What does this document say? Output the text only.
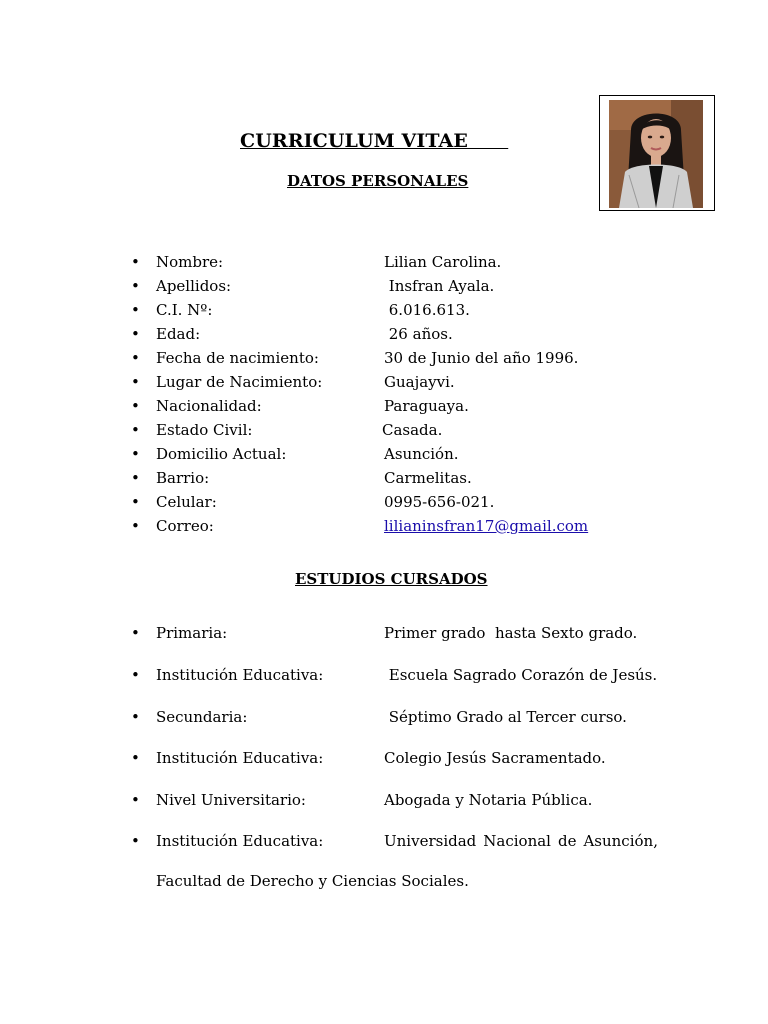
CURRICULUM VITAE
DATOS PERSONALES
• Nombre:	Lilian Carolina.
• Apellidos:	Insfran Ayala.
• C.I. Nº:	6.016.613.
• Edad:	26 años.
• Fecha de nacimiento:	30 de Junio del año 1996.
• Lugar de Nacimiento:	Guajayvi.
• Nacionalidad:	Paraguaya.
• Estado Civil:	Casada.
• Domicilio Actual:	Asunción.
• Barrio:	Carmelitas.
• Celular:	0995-656-021.
• Correo:	lilianinsfran17@gmail.com
ESTUDIOS CURSADOS
• Primaria:	Primer grado  hasta Sexto grado.
• Institución Educativa:	Escuela Sagrado Corazón de Jesús.
• Secundaria:	Séptimo Grado al Tercer curso.
• Institución Educativa:	Colegio Jesús Sacramentado.
• Nivel Universitario:	Abogada y Notaria Pública.
• Institución Educativa:	Universidad Nacional de Asunción,
Facultad de Derecho y Ciencias Sociales.
